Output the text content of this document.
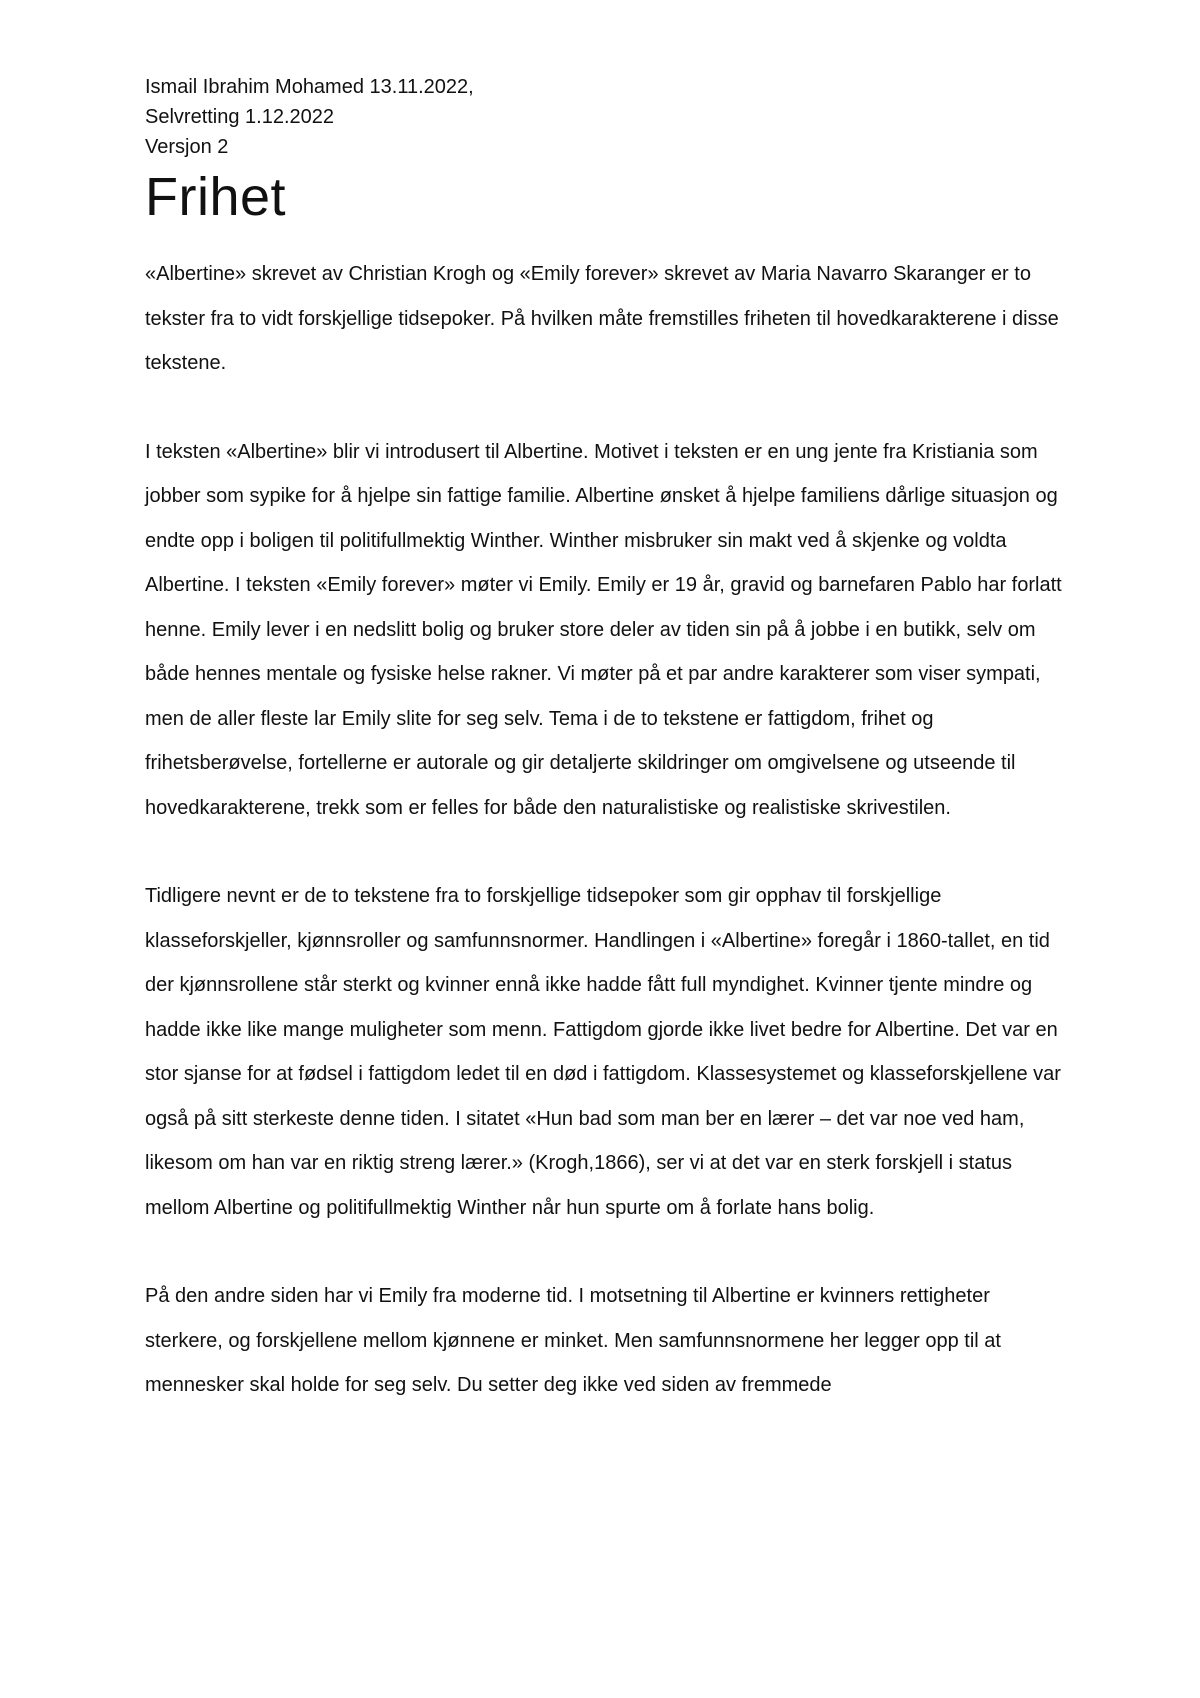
Ismail Ibrahim Mohamed 13.11.2022,

Selvretting 1.12.2022

Versjon 2

Frihet

«Albertine» skrevet av Christian Krogh og «Emily forever» skrevet av Maria Navarro Skaranger er to tekster fra to vidt forskjellige tidsepoker. På hvilken måte fremstilles friheten til hovedkarakterene i disse tekstene.

I teksten «Albertine» blir vi introdusert til Albertine. Motivet i teksten er en ung jente fra Kristiania som jobber som sypike for å hjelpe sin fattige familie. Albertine ønsket å hjelpe familiens dårlige situasjon og endte opp i boligen til politifullmektig Winther. Winther misbruker sin makt ved å skjenke og voldta Albertine. I teksten «Emily forever» møter vi Emily. Emily er 19 år, gravid og barnefaren Pablo har forlatt henne. Emily lever i en nedslitt bolig og bruker store deler av tiden sin på å jobbe i en butikk, selv om både hennes mentale og fysiske helse rakner. Vi møter på et par andre karakterer som viser sympati, men de aller fleste lar Emily slite for seg selv. Tema i de to tekstene er fattigdom, frihet og frihetsberøvelse, fortellerne er autorale og gir detaljerte skildringer om omgivelsene og utseende til hovedkarakterene, trekk som er felles for både den naturalistiske og realistiske skrivestilen.

Tidligere nevnt er de to tekstene fra to forskjellige tidsepoker som gir opphav til forskjellige klasseforskjeller, kjønnsroller og samfunnsnormer. Handlingen i «Albertine» foregår i 1860-tallet, en tid der kjønnsrollene står sterkt og kvinner ennå ikke hadde fått full myndighet. Kvinner tjente mindre og hadde ikke like mange muligheter som menn. Fattigdom gjorde ikke livet bedre for Albertine. Det var en stor sjanse for at fødsel i fattigdom ledet til en død i fattigdom. Klassesystemet og klasseforskjellene var også på sitt sterkeste denne tiden. I sitatet «Hun bad som man ber en lærer – det var noe ved ham, likesom om han var en riktig streng lærer.» (Krogh,1866), ser vi at det var en sterk forskjell i status mellom Albertine og politifullmektig Winther når hun spurte om å forlate hans bolig.

På den andre siden har vi Emily fra moderne tid. I motsetning til Albertine er kvinners rettigheter sterkere, og forskjellene mellom kjønnene er minket. Men samfunnsnormene her legger opp til at mennesker skal holde for seg selv. Du setter deg ikke ved siden av fremmede
